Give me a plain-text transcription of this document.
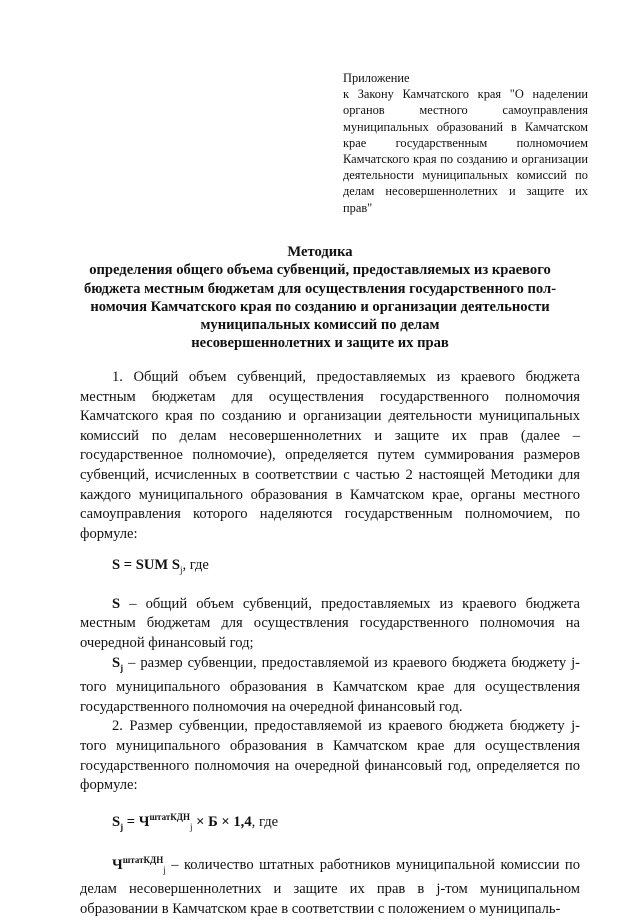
Приложение
к Закону Камчатского края "О наделении органов местного самоуправления муниципальных образований в Камчатском крае государственным полномочием Камчатского края по созданию и организации деятельности муниципальных комиссий по делам несовершеннолетних и защите их прав"
Методика
определения общего объема субвенций, предоставляемых из краевого
бюджета местным бюджетам для осуществления государственного пол-
номочия Камчатского края по созданию и организации деятельности
муниципальных комиссий по делам
несовершеннолетних и защите их прав

1. Общий объем субвенций, предоставляемых из краевого бюджета местным бюджетам для осуществления государственного полномочия Камчатского края по созданию и организации деятельности муниципальных комиссий по делам несовершеннолетних и защите их прав (далее – государственное полномочие), определяется путем суммирования размеров субвенций, исчисленных в соответствии с частью 2 настоящей Методики для каждого муниципального образования в Камчатском крае, органы местного самоуправления которого наделяются государственным полномочием, по формуле:

S = SUM $S_j$, где

S – общий объем субвенций, предоставляемых из краевого бюджета местным бюджетам для осуществления государственного полномочия на очередной финансовый год;

$S_j$ – размер субвенции, предоставляемой из краевого бюджета бюджету j-того муниципального образования в Камчатском крае для осуществления государственного полномочия на очередной финансовый год.

2. Размер субвенции, предоставляемой из краевого бюджета бюджету j-того муниципального образования в Камчатском крае для осуществления государственного полномочия на очередной финансовый год, определяется по формуле:

$S_j = Ч^{штатКДН}_j \times Б \times 1,4$, где

$Ч^{штатКДН}_j$ – количество штатных работников муниципальной комиссии по делам несовершеннолетних и защите их прав в j-том муниципальном образовании в Камчатском крае в соответствии с положением о муниципаль-
